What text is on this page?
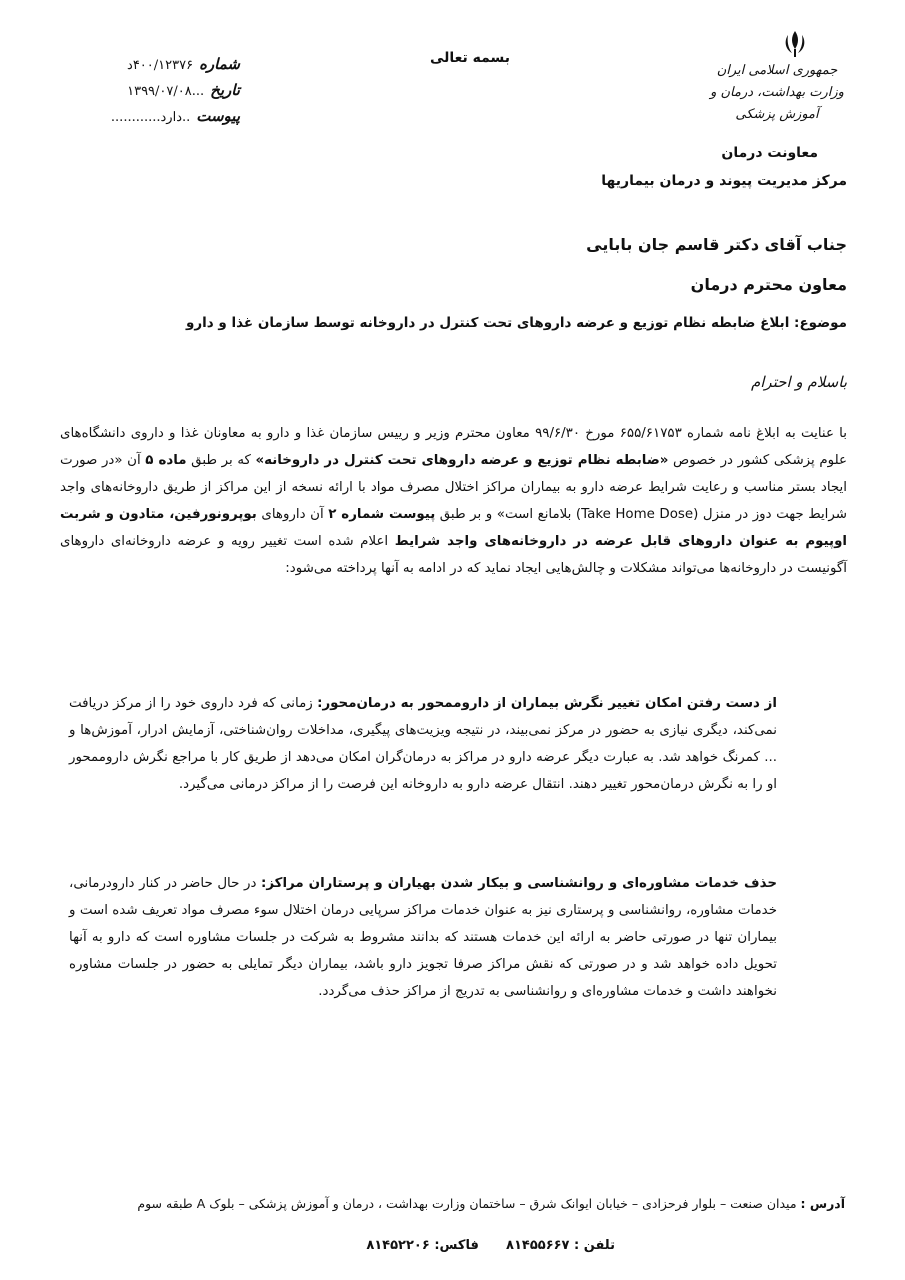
بسمه تعالی
جمهوری اسلامی ایران
وزارت بهداشت، درمان و آموزش پزشکی
شماره
۴۰۰/۱۲۳۷۶د
تاریخ
...۱۳۹۹/۰۷/۰۸
پیوست
..دارد............
معاونت درمان
مرکز مدیریت پیوند و درمان بیماریها
جناب آقای دکتر قاسم جان بابایی
معاون محترم درمان
موضوع: ابلاغ ضابطه نظام توزیع و عرضه داروهای تحت کنترل در داروخانه توسط سازمان غذا و دارو
باسلام و احترام
با عنایت به ابلاغ نامه شماره ۶۵۵/۶۱۷۵۳ مورخ ۹۹/۶/۳۰ معاون محترم وزیر و رییس سازمان غذا و دارو به معاونان غذا و داروی دانشگاه‌های علوم پزشکی کشور در خصوص «ضابطه نظام توزیع و عرضه داروهای تحت کنترل در داروخانه» که بر طبق ماده ۵ آن «در صورت ایجاد بستر مناسب و رعایت شرایط عرضه دارو به بیماران مراکز اختلال مصرف مواد با ارائه نسخه از این مراکز از طریق داروخانه‌های واجد شرایط جهت دوز در منزل (Take Home Dose) بلامانع است» و بر طبق پیوست شماره ۲ آن داروهای بوپرونورفین، متادون و شربت اوپیوم به عنوان داروهای قابل عرضه در داروخانه‌های واجد شرایط اعلام شده است تغییر رویه و عرضه داروخانه‌ای داروهای آگونیست در داروخانه‌ها می‌تواند مشکلات و چالش‌هایی ایجاد نماید که در ادامه به آنها پرداخته می‌شود:
از دست رفتن امکان تغییر نگرش بیماران از داروممحور به درمان‌محور: زمانی که فرد داروی خود را از مرکز دریافت نمی‌کند، دیگری نیازی به حضور در مرکز نمی‌بیند، در نتیجه ویزیت‌های پیگیری، مداخلات روان‌شناختی، آزمایش ادرار، آموزش‌ها و ... کمرنگ خواهد شد. به عبارت دیگر عرضه دارو در مراکز به درمان‌گران امکان می‌دهد از طریق کار با مراجع نگرش داروممحور او را به نگرش درمان‌محور تغییر دهند. انتقال عرضه دارو به داروخانه این فرصت را از مراکز درمانی می‌گیرد.
حذف خدمات مشاوره‌ای و روانشناسی و بیکار شدن بهیاران و پرستاران مراکز: در حال حاضر در کنار دارودرمانی، خدمات مشاوره، روانشناسی و پرستاری نیز به عنوان خدمات مراکز سرپایی درمان اختلال سوء مصرف مواد تعریف شده است و بیماران تنها در صورتی حاضر به ارائه این خدمات هستند که بدانند مشروط به شرکت در جلسات مشاوره است که دارو به آنها تحویل داده خواهد شد و در صورتی که نقش مراکز صرفا تجویز دارو باشد، بیماران دیگر تمایلی به حضور در جلسات مشاوره نخواهند داشت و خدمات مشاوره‌ای و روانشناسی به تدریج از مراکز حذف می‌گردد.
آدرس : میدان صنعت – بلوار فرحزادی – خیابان ایوانک شرق – ساختمان وزارت بهداشت ، درمان و آموزش پزشکی – بلوک A طبقه سوم
تلفن : ۸۱۴۵۵۶۶۷      فاکس: ۸۱۴۵۲۲۰۶
